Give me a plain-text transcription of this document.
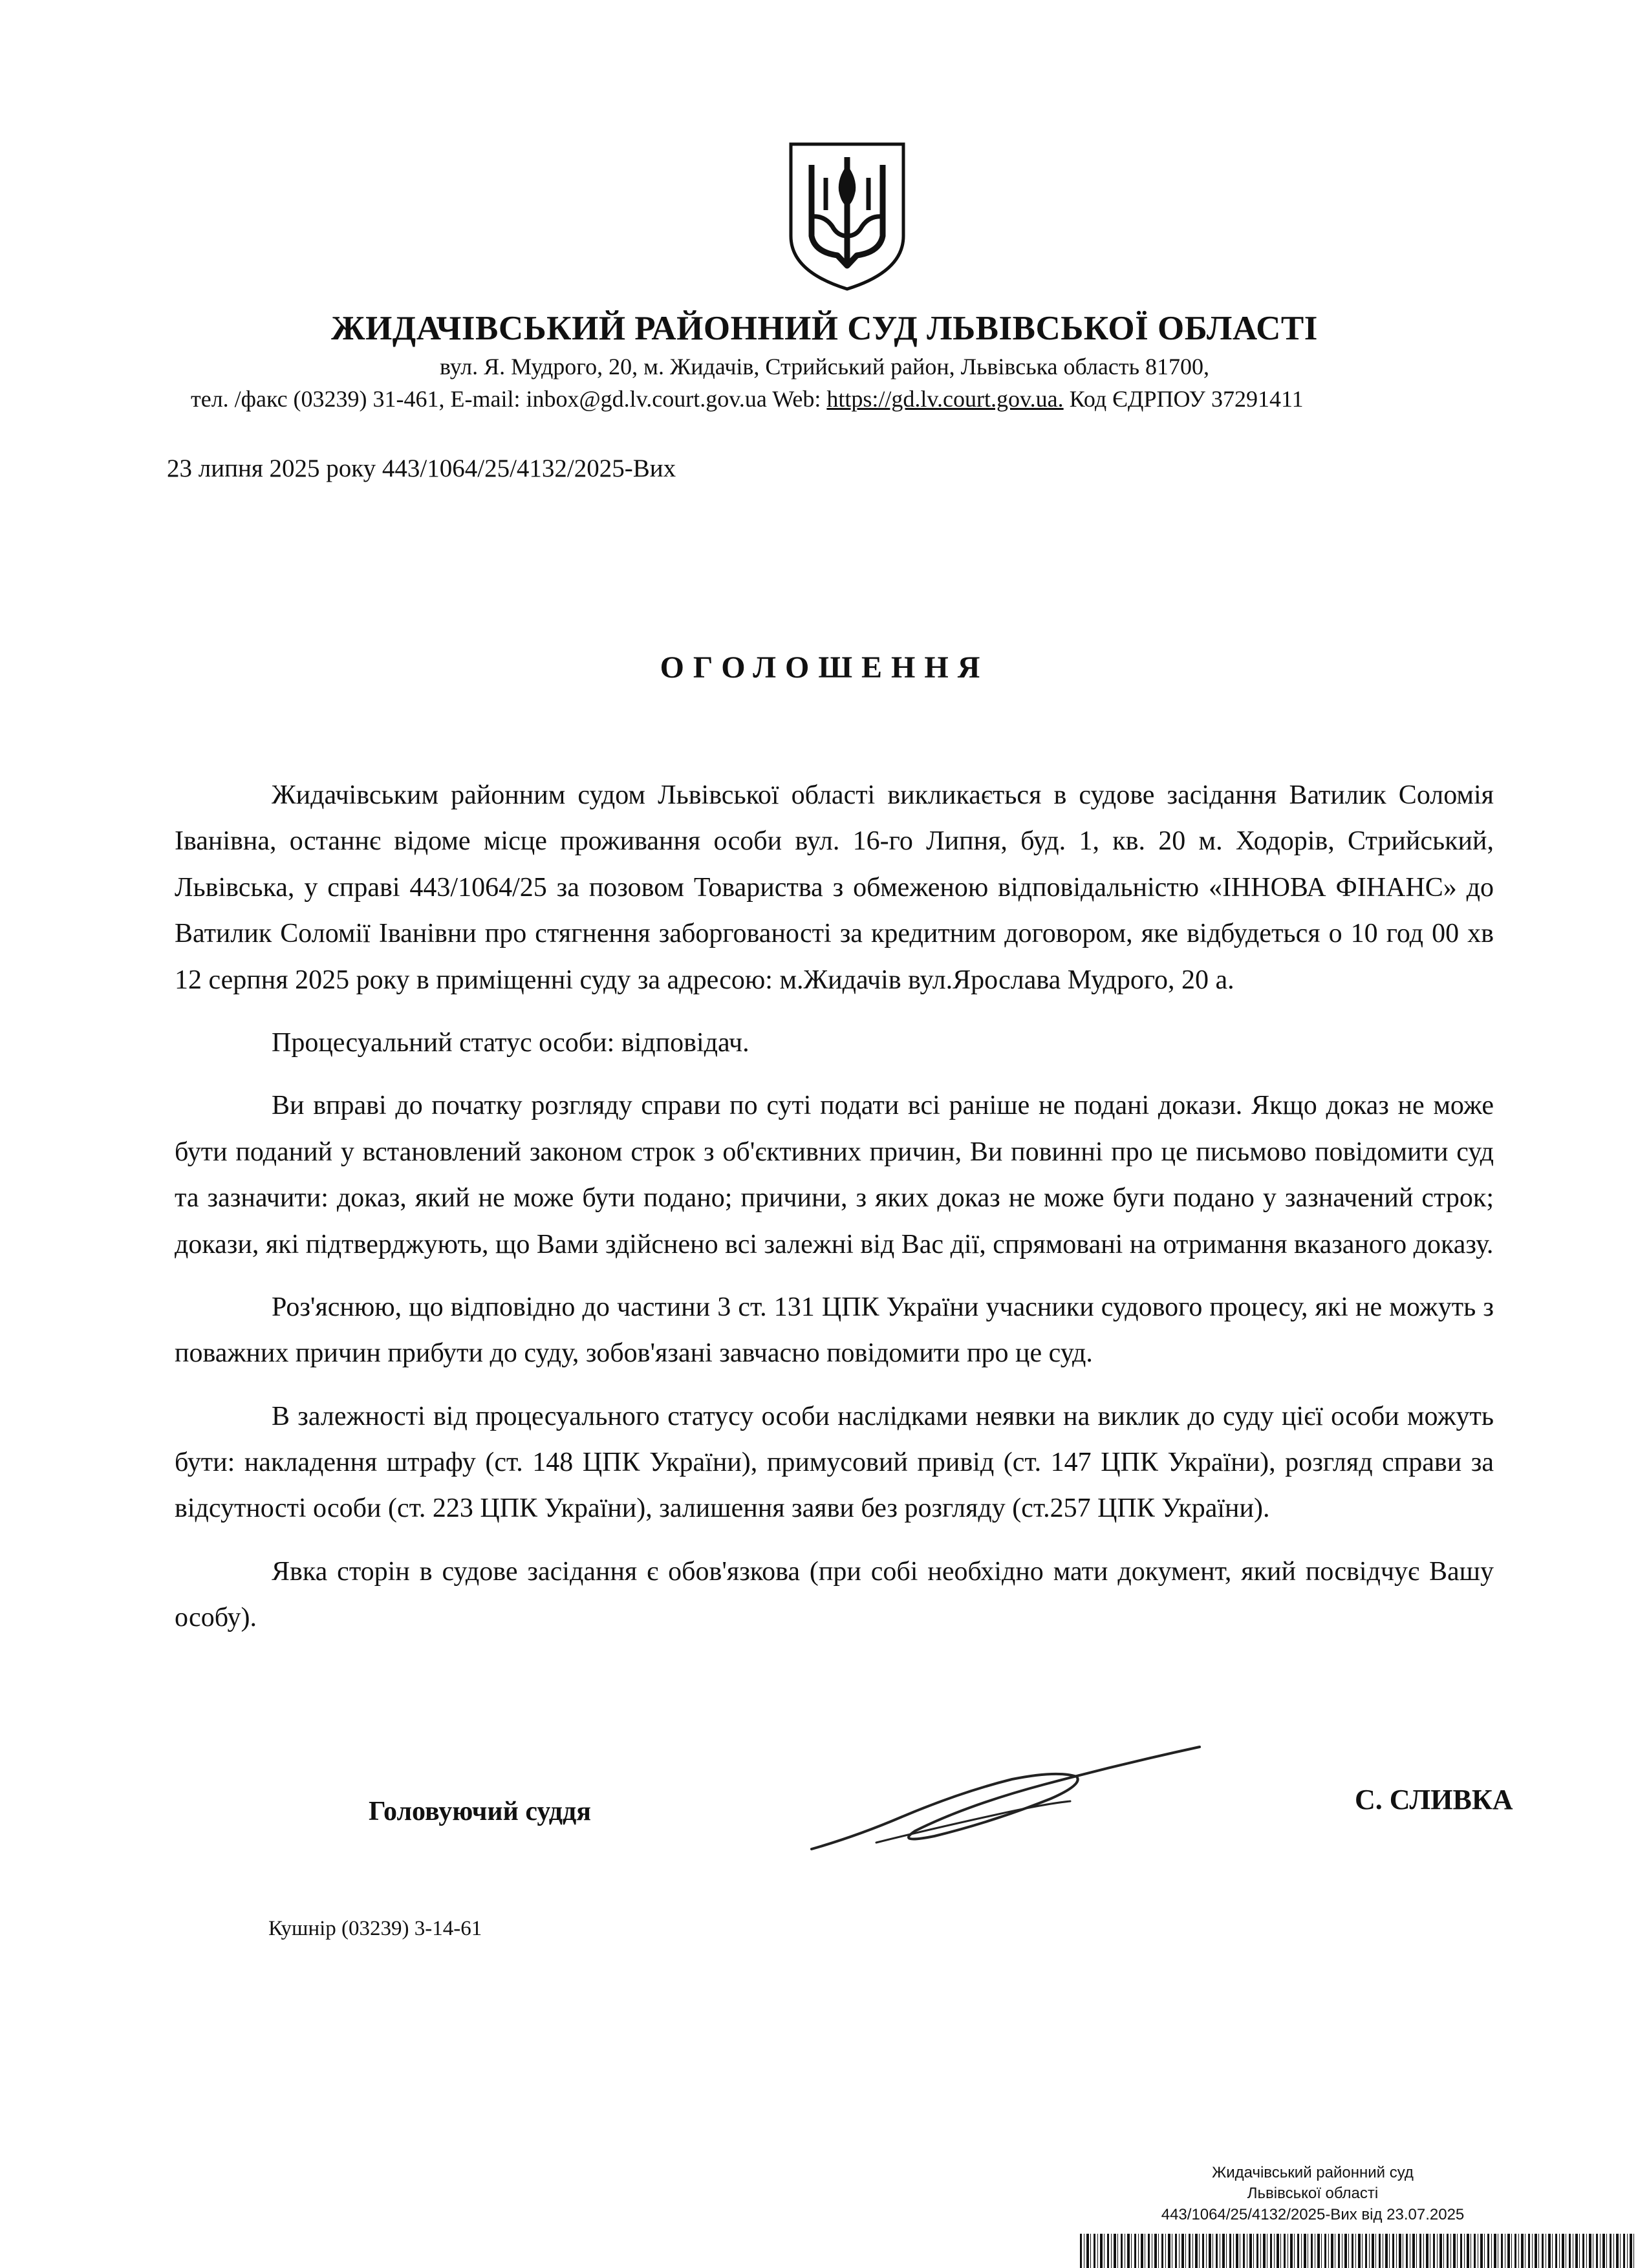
ЖИДАЧІВСЬКИЙ РАЙОННИЙ СУД ЛЬВІВСЬКОЇ ОБЛАСТІ
вул. Я. Мудрого, 20, м. Жидачів, Стрийський район, Львівська область 81700,
тел. /факс (03239) 31-461, E-mail: inbox@gd.lv.court.gov.ua Web: https://gd.lv.court.gov.ua. Код ЄДРПОУ 37291411
23 липня 2025 року 443/1064/25/4132/2025-Вих
ОГОЛОШЕННЯ

Жидачівським районним судом Львівської області викликається в судове засідання Ватилик Соломія Іванівна, останнє відоме місце проживання особи вул. 16-го Липня, буд. 1, кв. 20 м. Ходорів, Стрийський, Львівська, у справі 443/1064/25 за позовом Товариства з обмеженою відповідальністю «ІННОВА ФІНАНС» до Ватилик Соломії Іванівни про стягнення заборгованості за кредитним договором, яке відбудеться о 10 год 00 хв 12 серпня 2025 року в приміщенні суду за адресою: м.Жидачів вул.Ярослава Мудрого, 20 а.

Процесуальний статус особи: відповідач.

Ви вправі до початку розгляду справи по суті подати всі раніше не подані докази. Якщо доказ не може бути поданий у встановлений законом строк з об'єктивних причин, Ви повинні про це письмово повідомити суд та зазначити: доказ, який не може бути подано; причини, з яких доказ не може буги подано у зазначений строк; докази, які підтверджують, що Вами здійснено всі залежні від Вас дії, спрямовані на отримання вказаного доказу.

Роз'яснюю, що відповідно до частини 3 ст. 131 ЦПК України учасники судового процесу, які не можуть з поважних причин прибути до суду, зобов'язані завчасно повідомити про це суд.

В залежності від процесуального статусу особи наслідками неявки на виклик до суду цієї особи можуть бути: накладення штрафу (ст. 148 ЦПК України), примусовий привід (ст. 147 ЦПК України), розгляд справи за відсутності особи (ст. 223 ЦПК України), залишення заяви без розгляду (ст.257 ЦПК України).

Явка сторін в судове засідання є обов'язкова (при собі необхідно мати документ, який посвідчує Вашу особу).

Головуючий суддя	С. СЛИВКА
Кушнір (03239) 3-14-61
Жидачівський районний суд
Львівської області
443/1064/25/4132/2025-Вих від 23.07.2025
